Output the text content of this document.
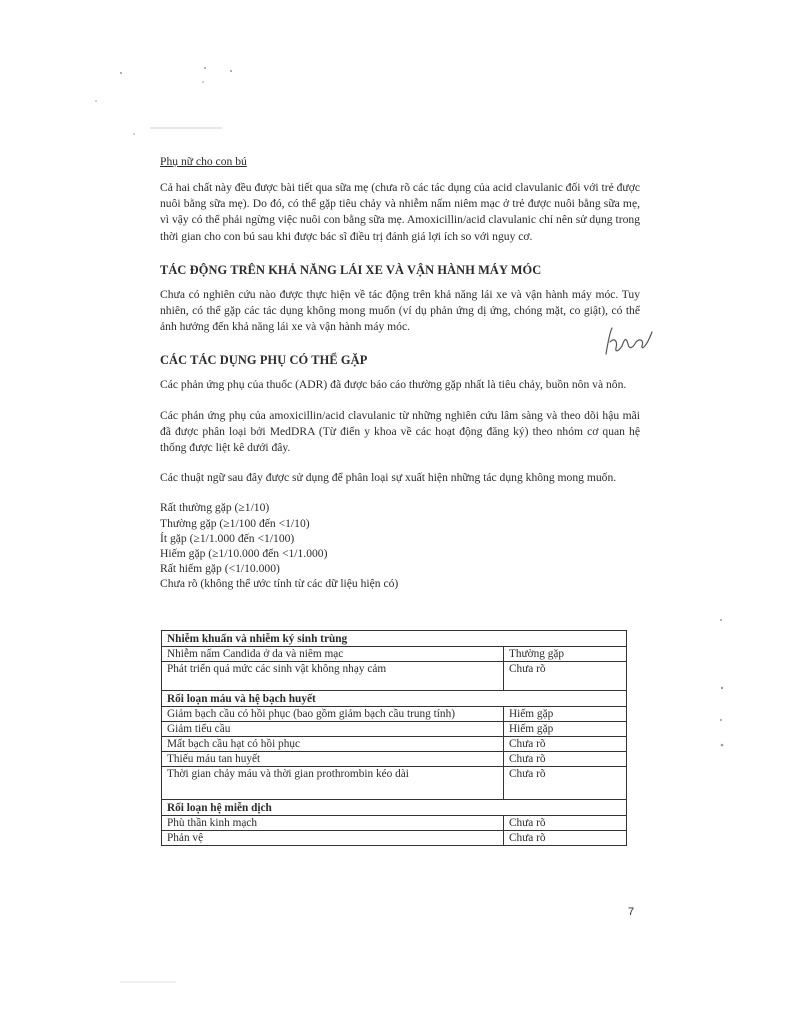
Phụ nữ cho con bú

Cả hai chất này đều được bài tiết qua sữa mẹ (chưa rõ các tác dụng của acid clavulanic đối với trẻ được nuôi bằng sữa mẹ). Do đó, có thể gặp tiêu chảy và nhiễm nấm niêm mạc ở trẻ được nuôi bằng sữa mẹ, vì vậy có thể phải ngừng việc nuôi con bằng sữa mẹ. Amoxicillin/acid clavulanic chỉ nên sử dụng trong thời gian cho con bú sau khi được bác sĩ điều trị đánh giá lợi ích so với nguy cơ.

TÁC ĐỘNG TRÊN KHẢ NĂNG LÁI XE VÀ VẬN HÀNH MÁY MÓC

Chưa có nghiên cứu nào được thực hiện về tác động trên khả năng lái xe và vận hành máy móc. Tuy nhiên, có thể gặp các tác dụng không mong muốn (ví dụ phản ứng dị ứng, chóng mặt, co giật), có thể ảnh hưởng đến khả năng lái xe và vận hành máy móc.

CÁC TÁC DỤNG PHỤ CÓ THỂ GẶP

Các phản ứng phụ của thuốc (ADR) đã được báo cáo thường gặp nhất là tiêu chảy, buồn nôn và nôn.

Các phản ứng phụ của amoxicillin/acid clavulanic từ những nghiên cứu lâm sàng và theo dõi hậu mãi đã được phân loại bởi MedDRA (Từ điển y khoa về các hoạt động đăng ký) theo nhóm cơ quan hệ thống được liệt kê dưới đây.

Các thuật ngữ sau đây được sử dụng để phân loại sự xuất hiện những tác dụng không mong muốn.

Rất thường gặp (≥1/10)
Thường gặp (≥1/100 đến <1/10)
Ít gặp (≥1/1.000 đến <1/100)
Hiếm gặp (≥1/10.000 đến <1/1.000)
Rất hiếm gặp (<1/10.000)
Chưa rõ (không thể ước tính từ các dữ liệu hiện có)
Nhiễm khuẩn và nhiễm ký sinh trùng	
Nhiễm nấm Candida ở da và niêm mạc	Thường gặp
Phát triển quá mức các sinh vật không nhạy cảm	Chưa rõ
Rối loạn máu và hệ bạch huyết	
Giảm bạch cầu có hồi phục (bao gồm giảm bạch cầu trung tính)	Hiếm gặp
Giảm tiểu cầu	Hiếm gặp
Mất bạch cầu hạt có hồi phục	Chưa rõ
Thiếu máu tan huyết	Chưa rõ
Thời gian chảy máu và thời gian prothrombin kéo dài	Chưa rõ
Rối loạn hệ miễn dịch	
Phù thần kinh mạch	Chưa rõ
Phản vệ	Chưa rõ
7
